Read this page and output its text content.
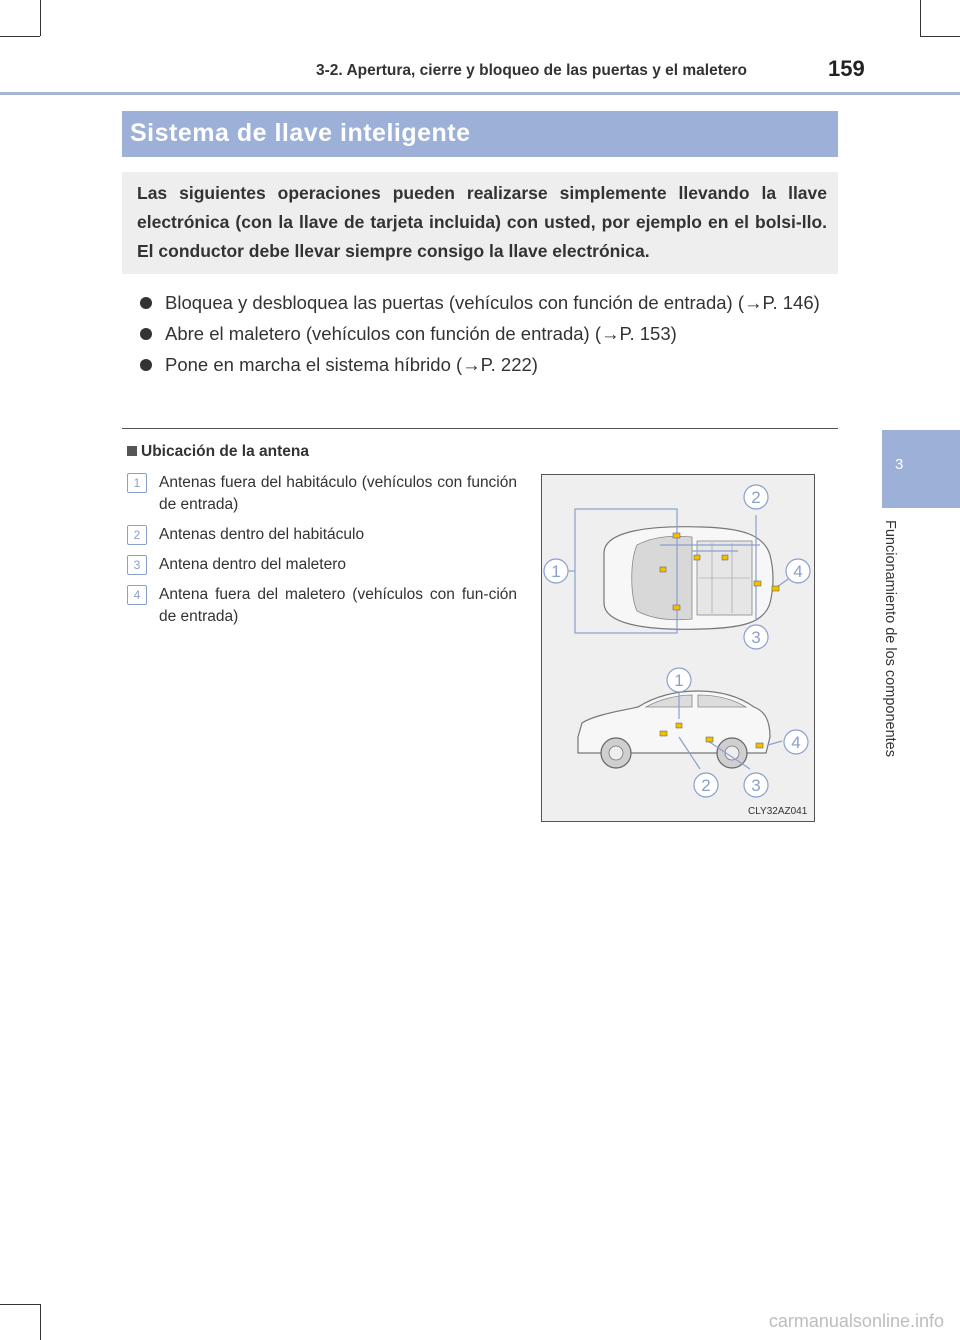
3-2. Apertura, cierre y bloqueo de las puertas y el maletero	159
3
Funcionamiento de los componentes
Sistema de llave inteligente

Las siguientes operaciones pueden realizarse simplemente llevando la llave electrónica (con la llave de tarjeta incluida) con usted, por ejemplo en el bolsi-llo. El conductor debe llevar siempre consigo la llave electrónica.

Bloquea y desbloquea las puertas (vehículos con función de entrada) (→P. 146)
Abre el maletero (vehículos con función de entrada) (→P. 153)
Pone en marcha el sistema híbrido (→P. 222)
Ubicación de la antena
1	Antenas fuera del habitáculo (vehículos con función de entrada)
2	Antenas dentro del habitáculo
3	Antena dentro del maletero
4	Antena fuera del maletero (vehículos con fun-ción de entrada)
1
2
3
4
1
2 3
4
CLY32AZ041
carmanualsonline.info
